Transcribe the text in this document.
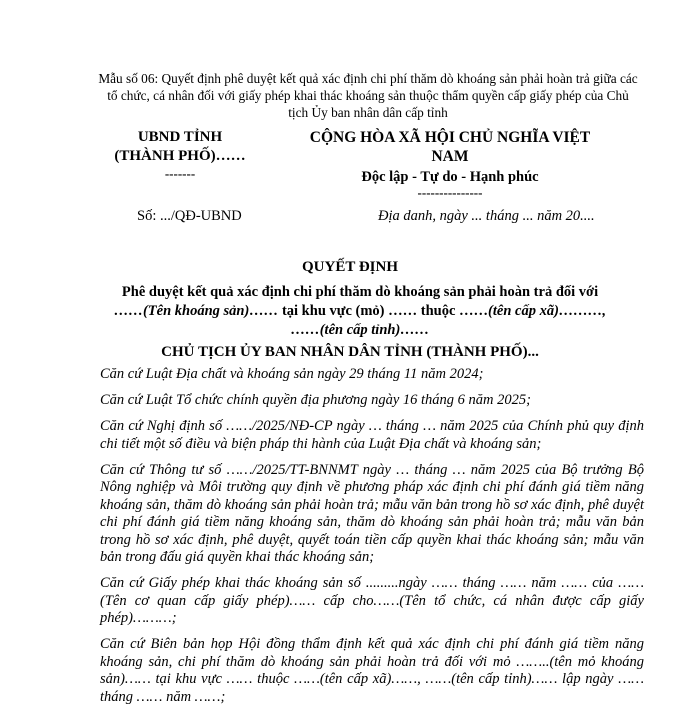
Mẫu số 06: Quyết định phê duyệt kết quả xác định chi phí thăm dò khoáng sản phải hoàn trả giữa các tổ chức, cá nhân đối với giấy phép khai thác khoáng sản thuộc thẩm quyền cấp giấy phép của Chủ tịch Ủy ban nhân dân cấp tỉnh
UBND TỈNH
(THÀNH PHỐ)……
-------
CỘNG HÒA XÃ HỘI CHỦ NGHĨA VIỆT NAM
Độc lập - Tự do - Hạnh phúc
---------------
Số: .../QĐ-UBND	Địa danh, ngày ... tháng ... năm 20....
QUYẾT ĐỊNH
Phê duyệt kết quả xác định chi phí thăm dò khoáng sản phải hoàn trả đối với
……(Tên khoáng sản)…… tại khu vực (mỏ) …… thuộc ……(tên cấp xã)………,
……(tên cấp tỉnh)……
CHỦ TỊCH ỦY BAN NHÂN DÂN TỈNH (THÀNH PHỐ)...

Căn cứ Luật Địa chất và khoáng sản ngày 29 tháng 11 năm 2024;

Căn cứ Luật Tổ chức chính quyền địa phương ngày 16 tháng 6 năm 2025;

Căn cứ Nghị định số ……/2025/NĐ-CP ngày … tháng … năm 2025 của Chính phủ quy định chi tiết một số điều và biện pháp thi hành của Luật Địa chất và khoáng sản;

Căn cứ Thông tư số ……/2025/TT-BNNMT ngày … tháng … năm 2025 của Bộ trưởng Bộ Nông nghiệp và Môi trường quy định về phương pháp xác định chi phí đánh giá tiềm năng khoáng sản, thăm dò khoáng sản phải hoàn trả; mẫu văn bản trong hồ sơ xác định, phê duyệt chi phí đánh giá tiềm năng khoáng sản, thăm dò khoáng sản phải hoàn trả; mẫu văn bản trong hồ sơ xác định, phê duyệt, quyết toán tiền cấp quyền khai thác khoáng sản; mẫu văn bản trong đấu giá quyền khai thác khoáng sản;

Căn cứ Giấy phép khai thác khoáng sản số .........ngày …… tháng …… năm …… của ……(Tên cơ quan cấp giấy phép)…… cấp cho……(Tên tổ chức, cá nhân được cấp giấy phép)………;

Căn cứ Biên bản họp Hội đồng thẩm định kết quả xác định chi phí đánh giá tiềm năng khoáng sản, chi phí thăm dò khoáng sản phải hoàn trả đối với mỏ ……..(tên mỏ khoáng sản)…… tại khu vực …… thuộc ……(tên cấp xã)……, ……(tên cấp tỉnh)…… lập ngày …… tháng …… năm ……;
